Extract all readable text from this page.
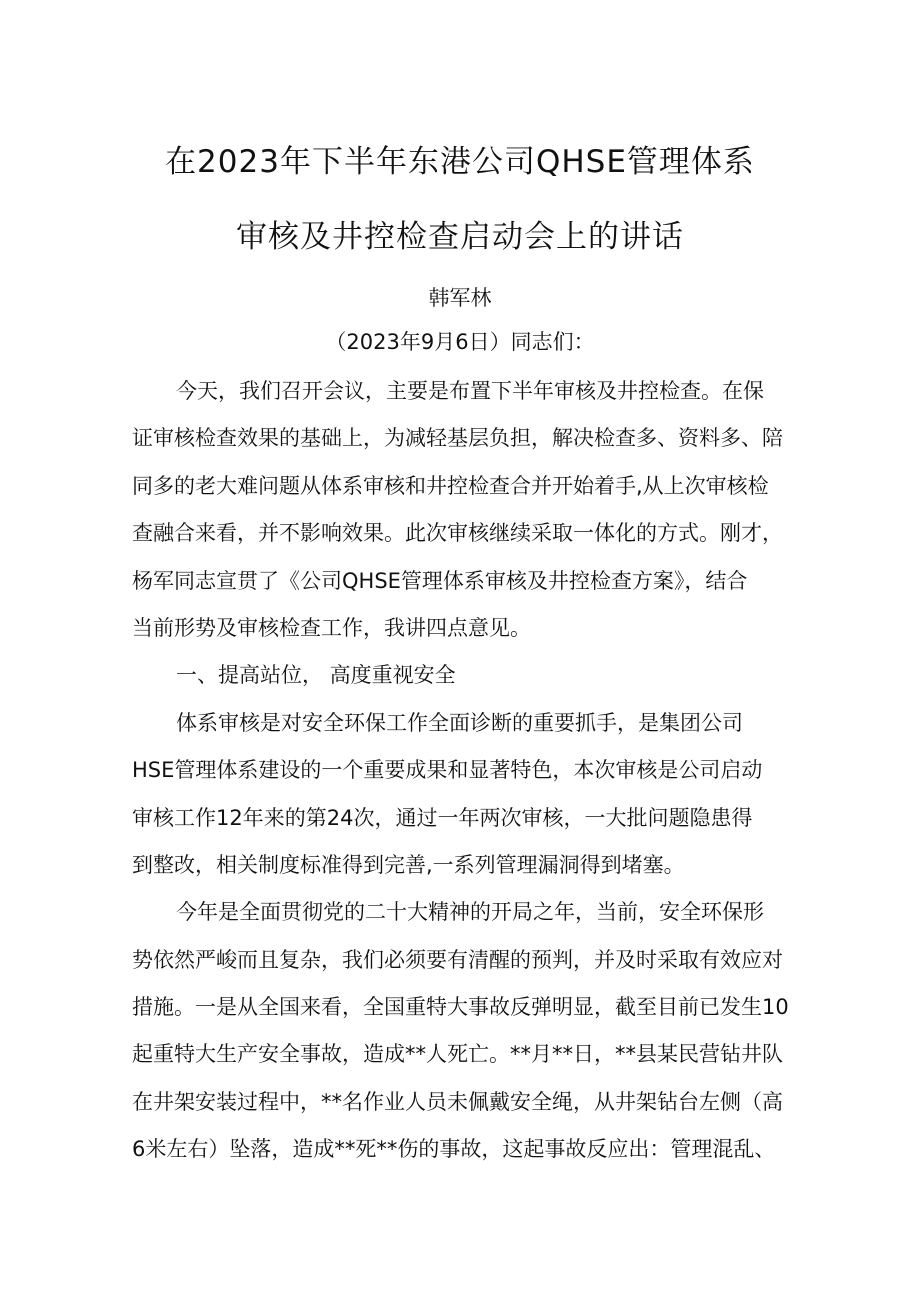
在2023年下半年东港公司QHSE管理体系
审核及井控检查启动会上的讲话
韩军林
（2023年9月6日）同志们：
今天，我们召开会议，主要是布置下半年审核及井控检查。在保
证审核检查效果的基础上，为减轻基层负担，解决检查多、资料多、陪
同多的老大难问题从体系审核和井控检查合并开始着手,从上次审核检
查融合来看，并不影响效果。此次审核继续采取一体化的方式。刚才，
杨军同志宣贯了《公司QHSE管理体系审核及井控检查方案》，结合
当前形势及审核检查工作，我讲四点意见。
一、提高站位， 高度重视安全
体系审核是对安全环保工作全面诊断的重要抓手，是集团公司
HSE管理体系建设的一个重要成果和显著特色，本次审核是公司启动
审核工作12年来的第24次，通过一年两次审核，一大批问题隐患得
到整改，相关制度标准得到完善,一系列管理漏洞得到堵塞。
今年是全面贯彻党的二十大精神的开局之年，当前，安全环保形
势依然严峻而且复杂，我们必须要有清醒的预判，并及时采取有效应对
措施。一是从全国来看，全国重特大事故反弹明显，截至目前已发生10
起重特大生产安全事故，造成**人死亡。**月**日，**县某民营钻井队
在井架安装过程中，**名作业人员未佩戴安全绳，从井架钻台左侧（高
6米左右）坠落，造成**死**伤的事故，这起事故反应出：管理混乱、
